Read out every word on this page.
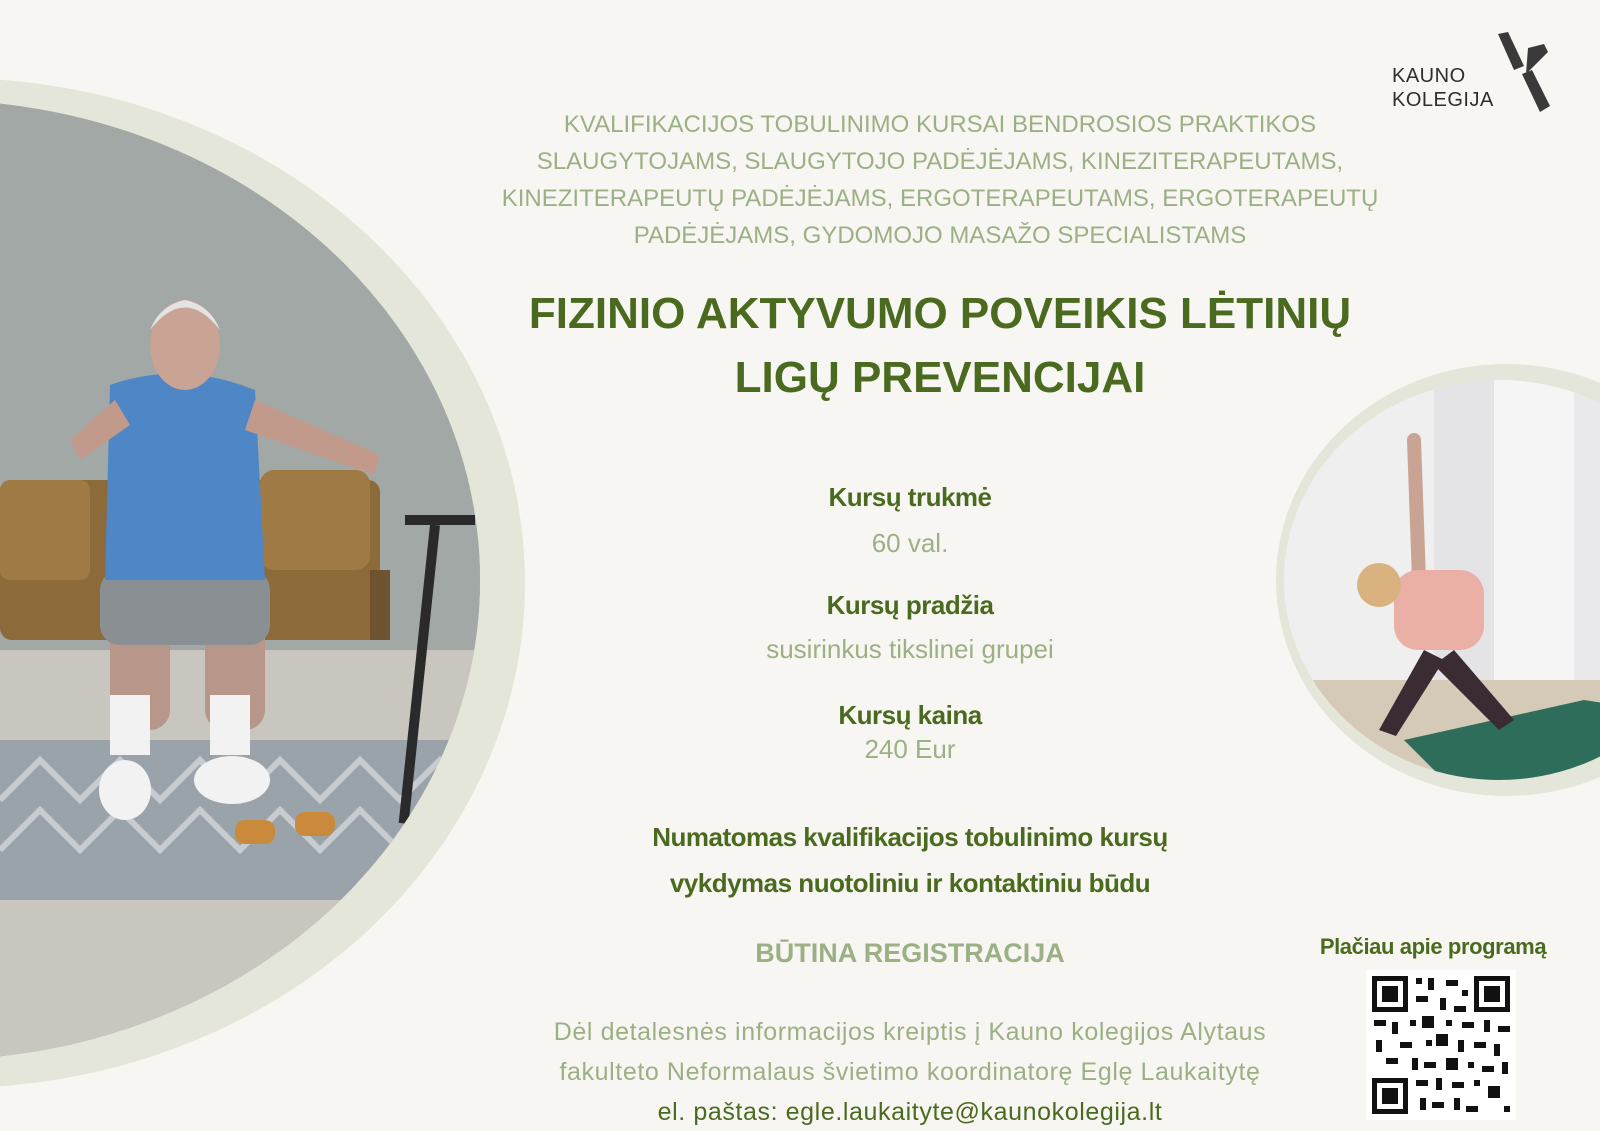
KAUNO
KOLEGIJA
KVALIFIKACIJOS TOBULINIMO KURSAI BENDROSIOS PRAKTIKOS
SLAUGYTOJAMS, SLAUGYTOJO PADĖJĖJAMS, KINEZITERAPEUTAMS,
KINEZITERAPEUTŲ PADĖJĖJAMS, ERGOTERAPEUTAMS, ERGOTERAPEUTŲ
PADĖJĖJAMS, GYDOMOJO MASAŽO SPECIALISTAMS
FIZINIO AKTYVUMO POVEIKIS LĖTINIŲ
LIGŲ PREVENCIJAI
Kursų trukmė
60 val.
Kursų pradžia
susirinkus tikslinei grupei
Kursų kaina
240 Eur
Numatomas kvalifikacijos tobulinimo kursų
vykdymas nuotoliniu ir kontaktiniu būdu
BŪTINA REGISTRACIJA
Dėl detalesnės informacijos kreiptis į Kauno kolegijos Alytaus
fakulteto Neformalaus švietimo koordinatorę Eglę Laukaitytę
el. paštas: egle.laukaityte@kaunokolegija.lt
Plačiau apie programą
